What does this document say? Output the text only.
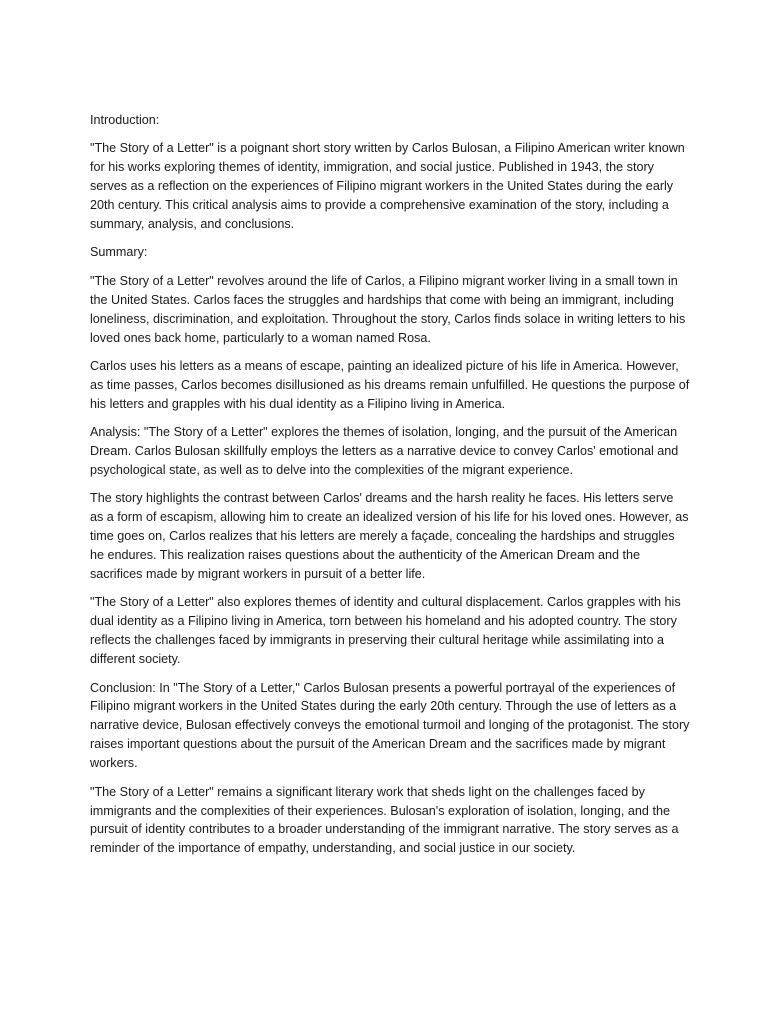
Introduction:

"The Story of a Letter" is a poignant short story written by Carlos Bulosan, a Filipino American writer known for his works exploring themes of identity, immigration, and social justice. Published in 1943, the story serves as a reflection on the experiences of Filipino migrant workers in the United States during the early 20th century. This critical analysis aims to provide a comprehensive examination of the story, including a summary, analysis, and conclusions.

Summary:

"The Story of a Letter" revolves around the life of Carlos, a Filipino migrant worker living in a small town in the United States. Carlos faces the struggles and hardships that come with being an immigrant, including loneliness, discrimination, and exploitation. Throughout the story, Carlos finds solace in writing letters to his loved ones back home, particularly to a woman named Rosa.

Carlos uses his letters as a means of escape, painting an idealized picture of his life in America. However, as time passes, Carlos becomes disillusioned as his dreams remain unfulfilled. He questions the purpose of his letters and grapples with his dual identity as a Filipino living in America.

Analysis: "The Story of a Letter" explores the themes of isolation, longing, and the pursuit of the American Dream. Carlos Bulosan skillfully employs the letters as a narrative device to convey Carlos' emotional and psychological state, as well as to delve into the complexities of the migrant experience.

The story highlights the contrast between Carlos' dreams and the harsh reality he faces. His letters serve as a form of escapism, allowing him to create an idealized version of his life for his loved ones. However, as time goes on, Carlos realizes that his letters are merely a façade, concealing the hardships and struggles he endures. This realization raises questions about the authenticity of the American Dream and the sacrifices made by migrant workers in pursuit of a better life.

"The Story of a Letter" also explores themes of identity and cultural displacement. Carlos grapples with his dual identity as a Filipino living in America, torn between his homeland and his adopted country. The story reflects the challenges faced by immigrants in preserving their cultural heritage while assimilating into a different society.

Conclusion: In "The Story of a Letter," Carlos Bulosan presents a powerful portrayal of the experiences of Filipino migrant workers in the United States during the early 20th century. Through the use of letters as a narrative device, Bulosan effectively conveys the emotional turmoil and longing of the protagonist. The story raises important questions about the pursuit of the American Dream and the sacrifices made by migrant workers.

"The Story of a Letter" remains a significant literary work that sheds light on the challenges faced by immigrants and the complexities of their experiences. Bulosan's exploration of isolation, longing, and the pursuit of identity contributes to a broader understanding of the immigrant narrative. The story serves as a reminder of the importance of empathy, understanding, and social justice in our society.
